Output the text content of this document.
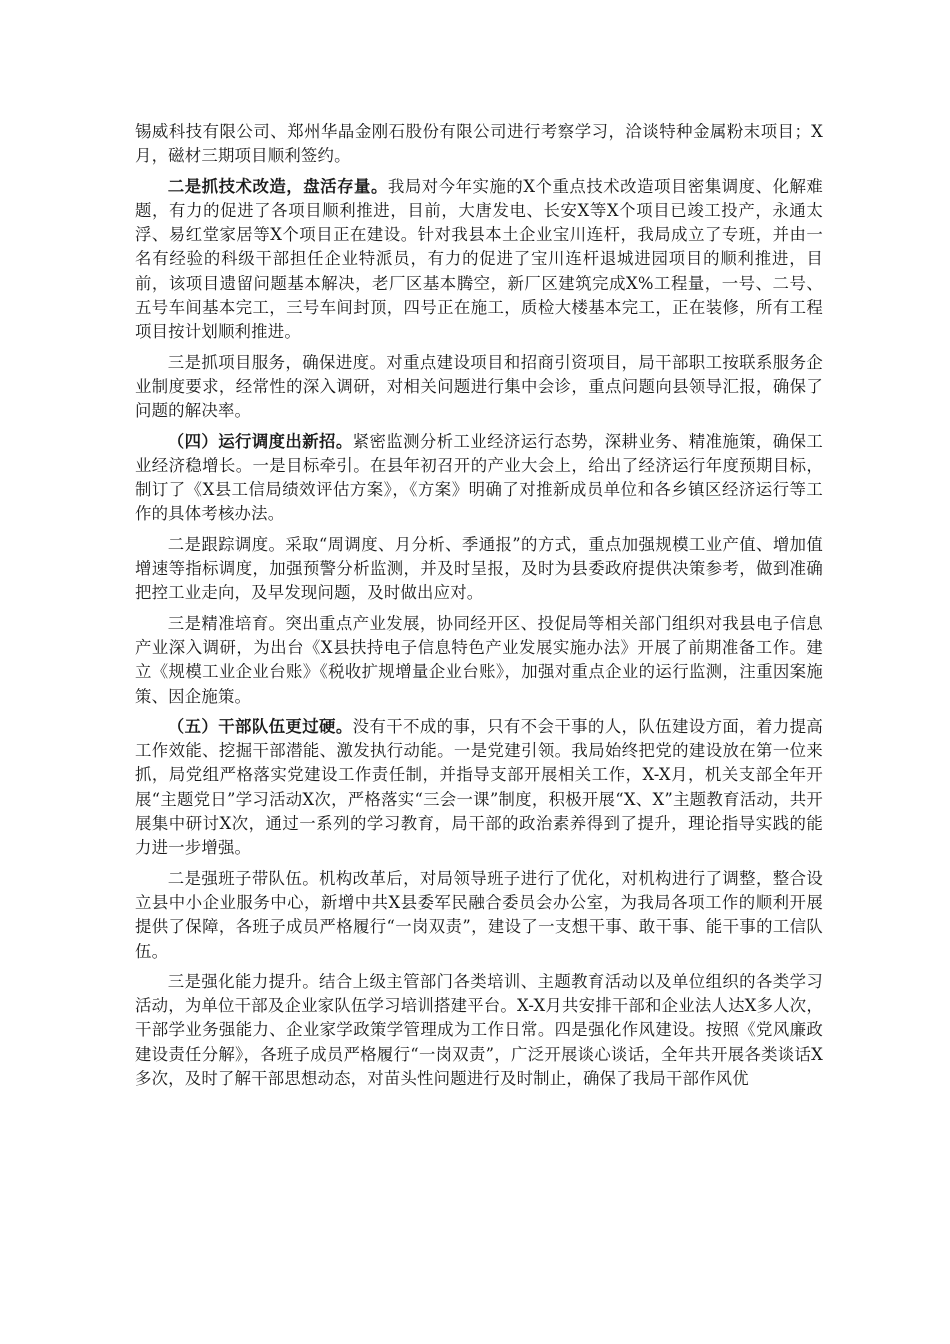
锡威科技有限公司、郑州华晶金刚石股份有限公司进行考察学习，洽谈特种金属粉末项目；X月，磁材三期项目顺利签约。

二是抓技术改造，盘活存量。我局对今年实施的X个重点技术改造项目密集调度、化解难题，有力的促进了各项目顺利推进，目前，大唐发电、长安X等X个项目已竣工投产，永通太浮、易红堂家居等X个项目正在建设。针对我县本土企业宝川连杆，我局成立了专班，并由一名有经验的科级干部担任企业特派员，有力的促进了宝川连杆退城进园项目的顺利推进，目前，该项目遗留问题基本解决，老厂区基本腾空，新厂区建筑完成X%工程量，一号、二号、五号车间基本完工，三号车间封顶，四号正在施工，质检大楼基本完工，正在装修，所有工程项目按计划顺利推进。

三是抓项目服务，确保进度。对重点建设项目和招商引资项目，局干部职工按联系服务企业制度要求，经常性的深入调研，对相关问题进行集中会诊，重点问题向县领导汇报，确保了问题的解决率。

（四）运行调度出新招。紧密监测分析工业经济运行态势，深耕业务、精准施策，确保工业经济稳增长。一是目标牵引。在县年初召开的产业大会上，给出了经济运行年度预期目标，制订了《X县工信局绩效评估方案》，《方案》明确了对推新成员单位和各乡镇区经济运行等工作的具体考核办法。

二是跟踪调度。采取“周调度、月分析、季通报”的方式，重点加强规模工业产值、增加值增速等指标调度，加强预警分析监测，并及时呈报，及时为县委政府提供决策参考，做到准确把控工业走向，及早发现问题，及时做出应对。

三是精准培育。突出重点产业发展，协同经开区、投促局等相关部门组织对我县电子信息产业深入调研，为出台《X县扶持电子信息特色产业发展实施办法》开展了前期准备工作。建立《规模工业企业台账》《税收扩规增量企业台账》，加强对重点企业的运行监测，注重因案施策、因企施策。

（五）干部队伍更过硬。没有干不成的事，只有不会干事的人，队伍建设方面，着力提高工作效能、挖掘干部潜能、激发执行动能。一是党建引领。我局始终把党的建设放在第一位来抓，局党组严格落实党建设工作责任制，并指导支部开展相关工作，X-X月，机关支部全年开展“主题党日”学习活动X次，严格落实“三会一课”制度，积极开展“X、X”主题教育活动，共开展集中研讨X次，通过一系列的学习教育，局干部的政治素养得到了提升，理论指导实践的能力进一步增强。

二是强班子带队伍。机构改革后，对局领导班子进行了优化，对机构进行了调整，整合设立县中小企业服务中心，新增中共X县委军民融合委员会办公室，为我局各项工作的顺利开展提供了保障，各班子成员严格履行“一岗双责”，建设了一支想干事、敢干事、能干事的工信队伍。

三是强化能力提升。结合上级主管部门各类培训、主题教育活动以及单位组织的各类学习活动，为单位干部及企业家队伍学习培训搭建平台。X-X月共安排干部和企业法人达X多人次，干部学业务强能力、企业家学政策学管理成为工作日常。四是强化作风建设。按照《党风廉政建设责任分解》，各班子成员严格履行“一岗双责”，广泛开展谈心谈话，全年共开展各类谈话X多次，及时了解干部思想动态，对苗头性问题进行及时制止，确保了我局干部作风优
